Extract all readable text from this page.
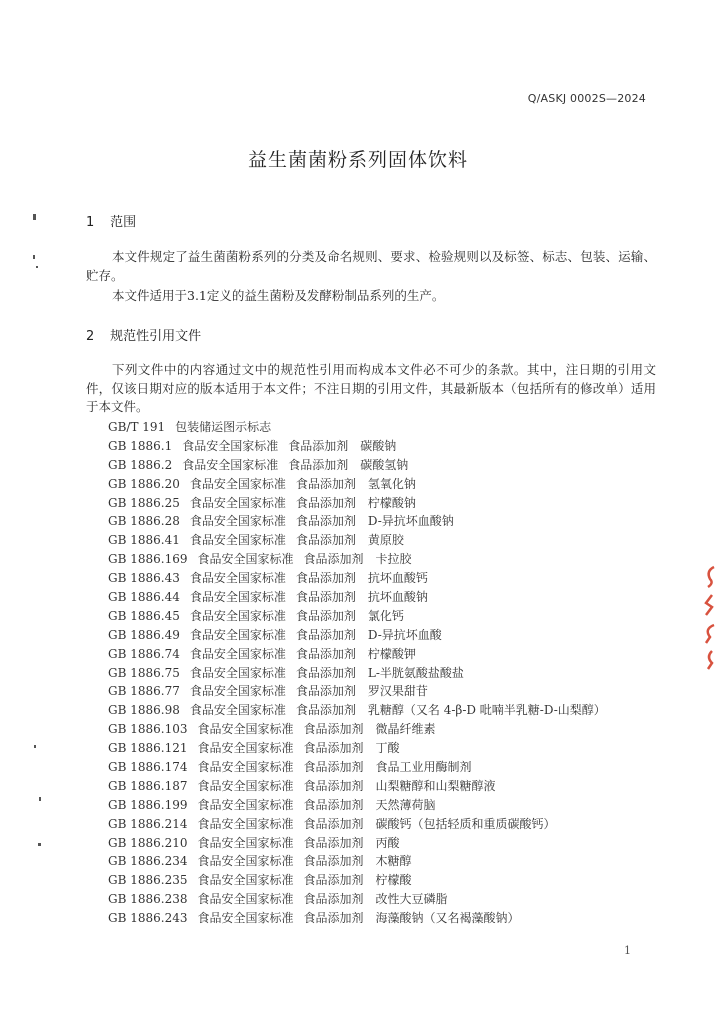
Q/ASKJ 0002S—2024
益生菌菌粉系列固体饮料
1 范围

本文件规定了益生菌菌粉系列的分类及命名规则、要求、检验规则以及标签、标志、包装、运输、贮存。

本文件适用于3.1定义的益生菌粉及发酵粉制品系列的生产。

2 规范性引用文件

下列文件中的内容通过文中的规范性引用而构成本文件必不可少的条款。其中，注日期的引用文件，仅该日期对应的版本适用于本文件；不注日期的引用文件，其最新版本（包括所有的修改单）适用于本文件。

GB/T 191 包装储运图示标志
GB 1886.1 食品安全国家标准 食品添加剂 碳酸钠
GB 1886.2 食品安全国家标准 食品添加剂 碳酸氢钠
GB 1886.20 食品安全国家标准 食品添加剂 氢氧化钠
GB 1886.25 食品安全国家标准 食品添加剂 柠檬酸钠
GB 1886.28 食品安全国家标准 食品添加剂 D-异抗坏血酸钠
GB 1886.41 食品安全国家标准 食品添加剂 黄原胶
GB 1886.169 食品安全国家标准 食品添加剂 卡拉胶
GB 1886.43 食品安全国家标准 食品添加剂 抗坏血酸钙
GB 1886.44 食品安全国家标准 食品添加剂 抗坏血酸钠
GB 1886.45 食品安全国家标准 食品添加剂 氯化钙
GB 1886.49 食品安全国家标准 食品添加剂 D-异抗坏血酸
GB 1886.74 食品安全国家标准 食品添加剂 柠檬酸钾
GB 1886.75 食品安全国家标准 食品添加剂 L-半胱氨酸盐酸盐
GB 1886.77 食品安全国家标准 食品添加剂 罗汉果甜苷
GB 1886.98 食品安全国家标准 食品添加剂 乳糖醇（又名 4-β-D 吡喃半乳糖-D-山梨醇）
GB 1886.103 食品安全国家标准 食品添加剂 微晶纤维素
GB 1886.121 食品安全国家标准 食品添加剂 丁酸
GB 1886.174 食品安全国家标准 食品添加剂 食品工业用酶制剂
GB 1886.187 食品安全国家标准 食品添加剂 山梨糖醇和山梨糖醇液
GB 1886.199 食品安全国家标准 食品添加剂 天然薄荷脑
GB 1886.214 食品安全国家标准 食品添加剂 碳酸钙（包括轻质和重质碳酸钙）
GB 1886.210 食品安全国家标准 食品添加剂 丙酸
GB 1886.234 食品安全国家标准 食品添加剂 木糖醇
GB 1886.235 食品安全国家标准 食品添加剂 柠檬酸
GB 1886.238 食品安全国家标准 食品添加剂 改性大豆磷脂
GB 1886.243 食品安全国家标准 食品添加剂 海藻酸钠（又名褐藻酸钠）
1
